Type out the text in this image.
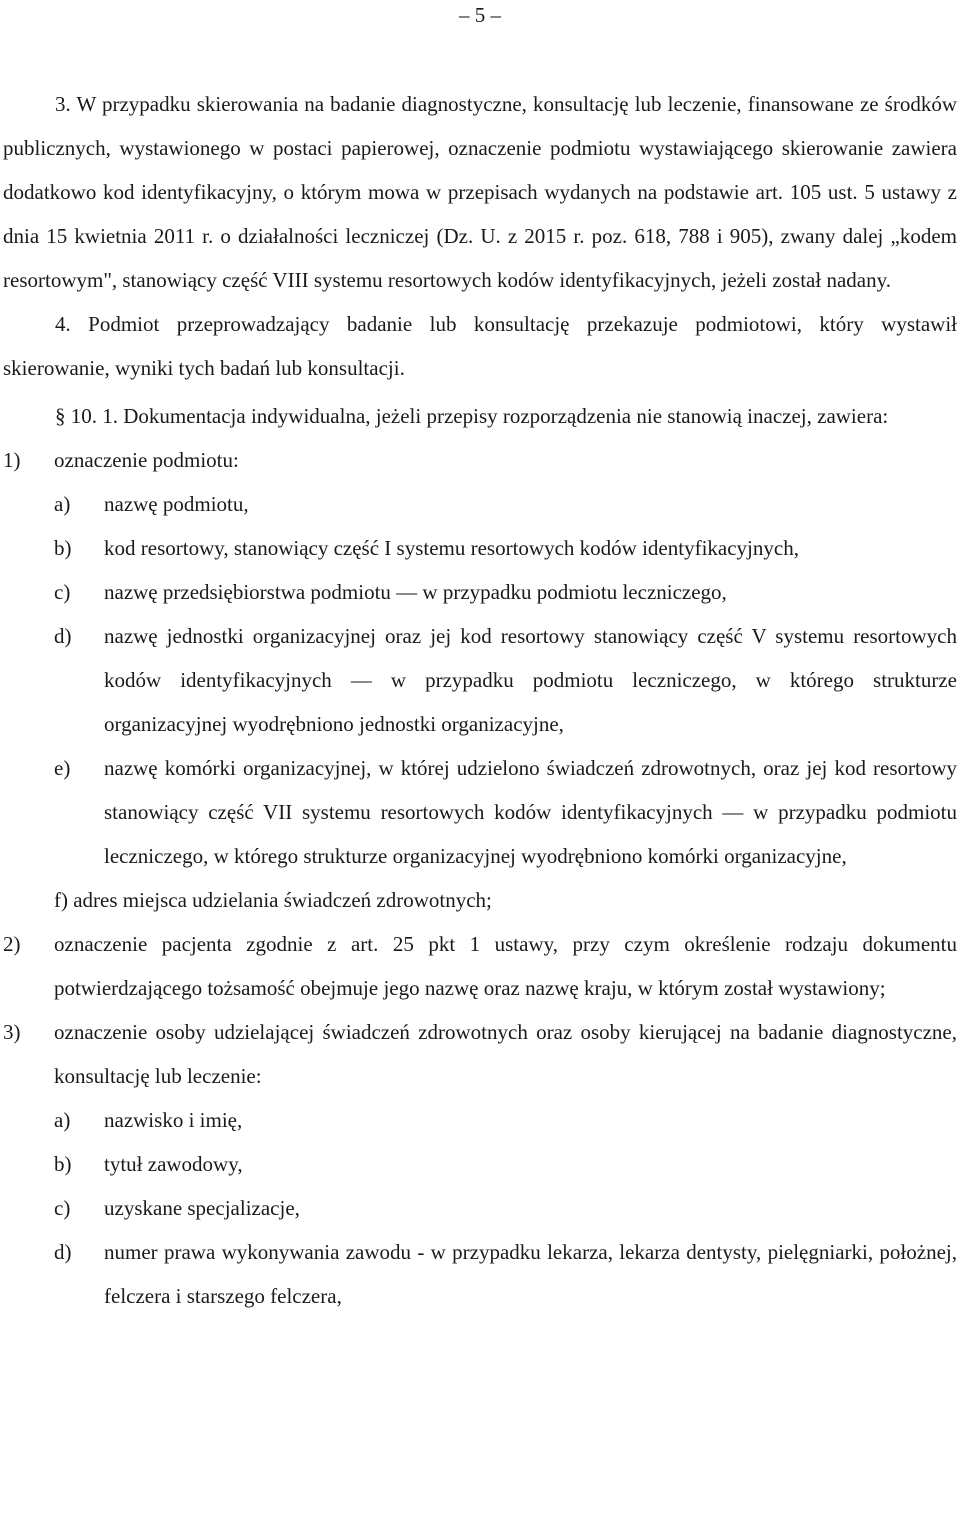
– 5 –

3. W przypadku skierowania na badanie diagnostyczne, konsultację lub leczenie, finansowane ze środków publicznych, wystawionego w postaci papierowej, oznaczenie podmiotu wystawiającego skierowanie zawiera dodatkowo kod identyfikacyjny, o którym mowa w przepisach wydanych na podstawie art. 105 ust. 5 ustawy z dnia 15 kwietnia 2011 r. o działalności leczniczej (Dz. U. z 2015 r. poz. 618, 788 i 905), zwany dalej „kodem resortowym", stanowiący część VIII systemu resortowych kodów identyfikacyjnych, jeżeli został nadany.

4. Podmiot przeprowadzający badanie lub konsultację przekazuje podmiotowi, który wystawił skierowanie, wyniki tych badań lub konsultacji.

§ 10. 1. Dokumentacja indywidualna, jeżeli przepisy rozporządzenia nie stanowią inaczej, zawiera:

1) oznaczenie podmiotu:
a) nazwę podmiotu,
b) kod resortowy, stanowiący część I systemu resortowych kodów identyfikacyjnych,
c) nazwę przedsiębiorstwa podmiotu — w przypadku podmiotu leczniczego,
d) nazwę jednostki organizacyjnej oraz jej kod resortowy stanowiący część V systemu resortowych kodów identyfikacyjnych — w przypadku podmiotu leczniczego, w którego strukturze organizacyjnej wyodrębniono jednostki organizacyjne,
e) nazwę komórki organizacyjnej, w której udzielono świadczeń zdrowotnych, oraz jej kod resortowy stanowiący część VII systemu resortowych kodów identyfikacyjnych — w przypadku podmiotu leczniczego, w którego strukturze organizacyjnej wyodrębniono komórki organizacyjne,
f) adres miejsca udzielania świadczeń zdrowotnych;
2) oznaczenie pacjenta zgodnie z art. 25 pkt 1 ustawy, przy czym określenie rodzaju dokumentu potwierdzającego tożsamość obejmuje jego nazwę oraz nazwę kraju, w którym został wystawiony;
3) oznaczenie osoby udzielającej świadczeń zdrowotnych oraz osoby kierującej na badanie diagnostyczne, konsultację lub leczenie:
a) nazwisko i imię,
b) tytuł zawodowy,
c) uzyskane specjalizacje,
d) numer prawa wykonywania zawodu - w przypadku lekarza, lekarza dentysty, pielęgniarki, położnej, felczera i starszego felczera,
